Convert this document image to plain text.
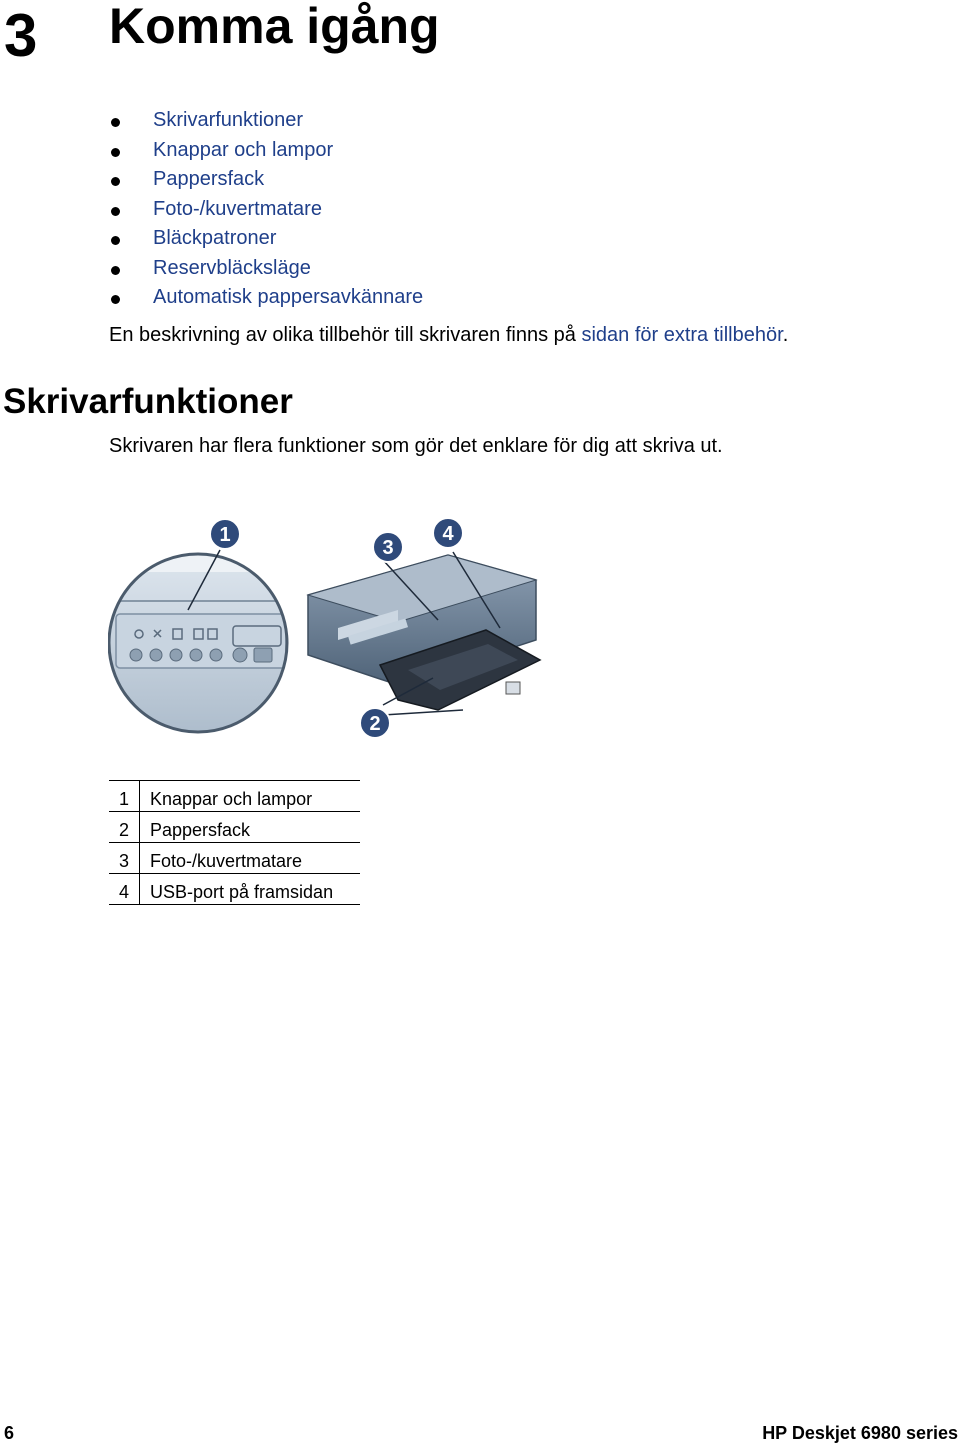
3 Komma igång
Skrivarfunktioner
Knappar och lampor
Pappersfack
Foto-/kuvertmatare
Bläckpatroner
Reservbläcksläge
Automatisk pappersavkännare
En beskrivning av olika tillbehör till skrivaren finns på sidan för extra tillbehör.
Skrivarfunktioner
Skrivaren har flera funktioner som gör det enklare för dig att skriva ut.
1
3
4
2
1	Knappar och lampor
2	Pappersfack
3	Foto-/kuvertmatare
4	USB-port på framsidan
6	HP Deskjet 6980 series
